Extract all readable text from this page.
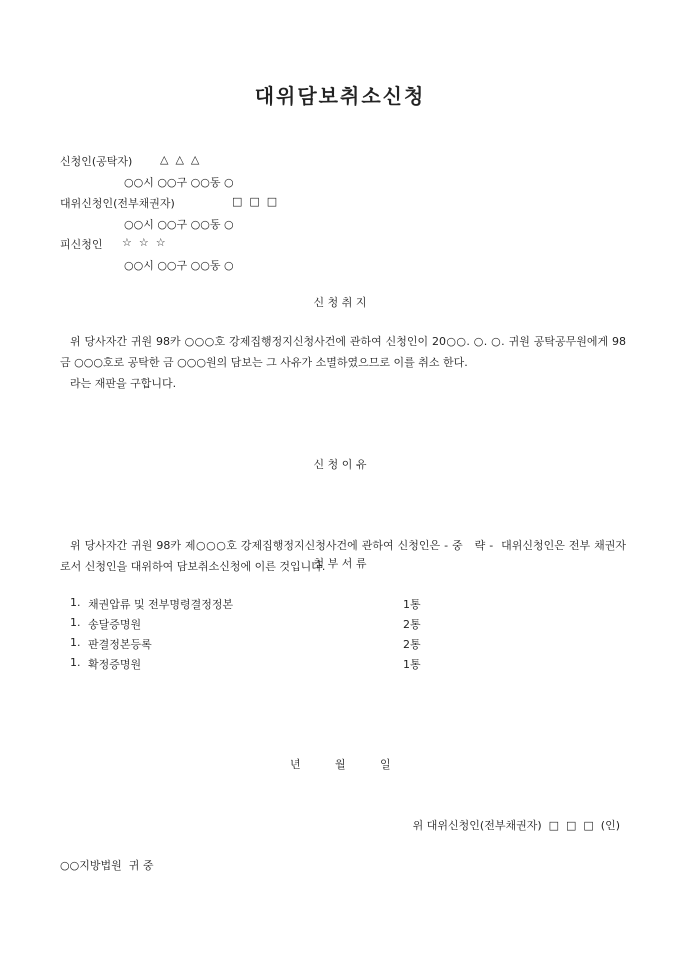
대위담보취소신청
신청인(공탁자)	△  △  △
○○시 ○○구 ○○동 ○
대위신청인(전부채권자)	□  □  □
○○시 ○○구 ○○동 ○
피신청인 ☆  ☆  ☆
○○시 ○○구 ○○동 ○
신 청 취 지

위 당사자간 귀원 98카 ○○○호 강제집행정지신청사건에 관하여 신청인이 20○○. ○. ○. 귀원 공탁공무원에게 98금 ○○○호로 공탁한 금 ○○○원의 담보는 그 사유가 소멸하였으므로 이를 취소 한다.

라는 재판을 구합니다.

신 청 이 유

위 당사자간 귀원 98카 제○○○호 강제집행정지신청사건에 관하여 신청인은 - 중   략 -  대위신청인은 전부 채권자로서 신청인을 대위하여 담보취소신청에 이른 것입니다.

첨 부 서 류
1. 채권압류 및 전부명령결정정본	1통
1. 송달증명원	2통
1. 판결정본등록	2통
1. 확정증명원	1통
년	월	일
위 대위신청인(전부채권자)  □  □  □  (인)
○○지방법원  귀 중
